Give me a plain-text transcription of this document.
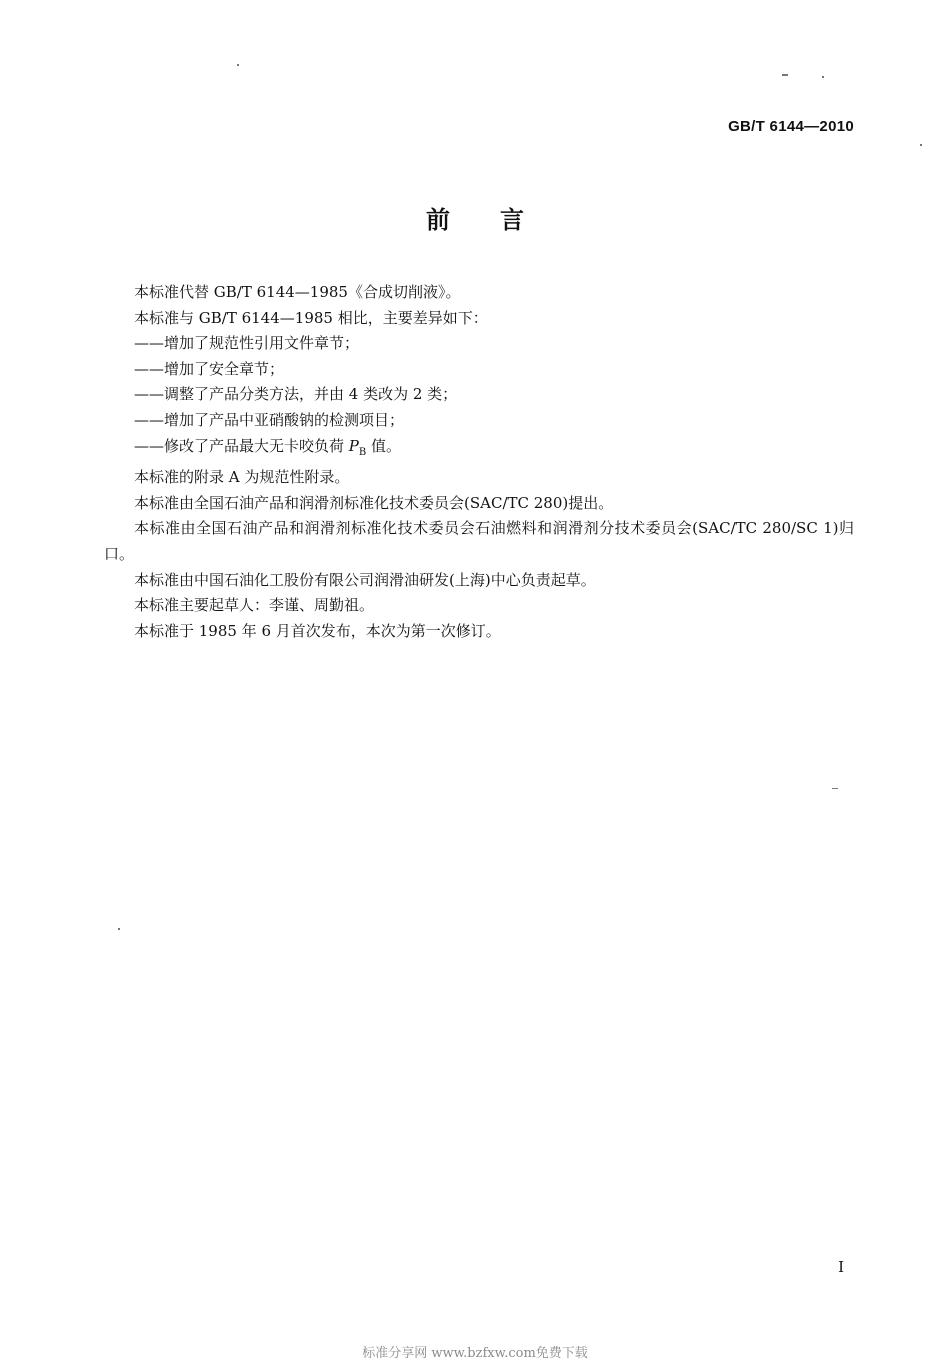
GB/T 6144—2010
前言

本标准代替 GB/T 6144—1985《合成切削液》。

本标准与 GB/T 6144—1985 相比，主要差异如下：

——增加了规范性引用文件章节；

——增加了安全章节；

——调整了产品分类方法，并由 4 类改为 2 类；

——增加了产品中亚硝酸钠的检测项目；

——修改了产品最大无卡咬负荷 $P_B$ 值。

本标准的附录 A 为规范性附录。

本标准由全国石油产品和润滑剂标准化技术委员会(SAC/TC 280)提出。

本标准由全国石油产品和润滑剂标准化技术委员会石油燃料和润滑剂分技术委员会(SAC/TC 280/SC 1)归口。

本标准由中国石油化工股份有限公司润滑油研发(上海)中心负责起草。

本标准主要起草人：李谨、周勤祖。

本标准于 1985 年 6 月首次发布，本次为第一次修订。

I
标准分享网 www.bzfxw.com免费下载
